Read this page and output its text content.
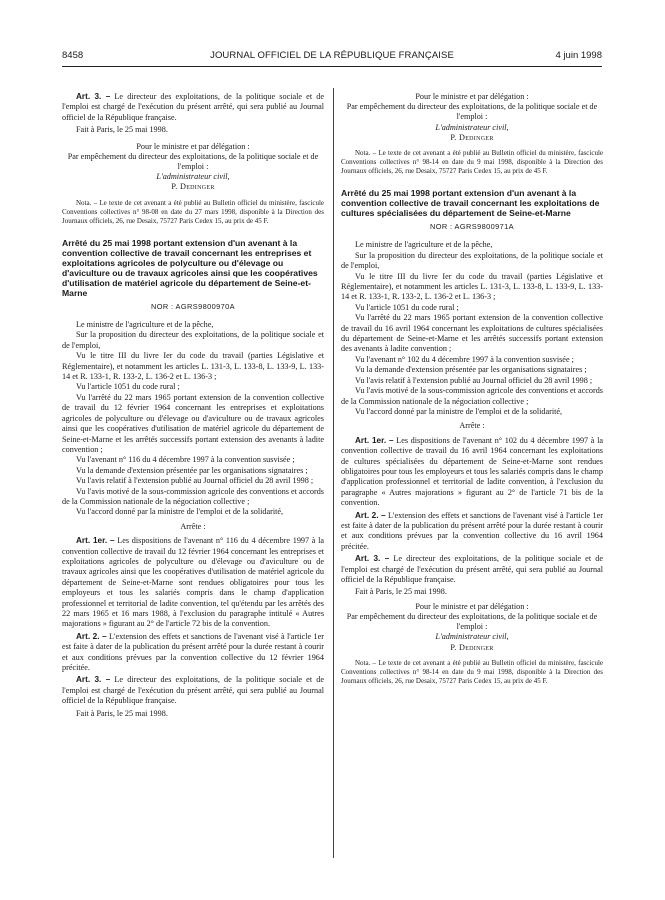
8458	JOURNAL OFFICIEL DE LA RÉPUBLIQUE FRANÇAISE	4 juin 1998

Art. 3. – Le directeur des exploitations, de la politique sociale et de l'emploi est chargé de l'exécution du présent arrêté, qui sera publié au Journal officiel de la République française.

Fait à Paris, le 25 mai 1998.

Pour le ministre et par délégation :
Par empêchement du directeur des exploitations, de la politique sociale et de l'emploi :
L'administrateur civil,
P. Dedinger

Nota. – Le texte de cet avenant a été publié au Bulletin officiel du ministère, fascicule Conventions collectives n° 98-08 en date du 27 mars 1998, disponible à la Direction des Journaux officiels, 26, rue Desaix, 75727 Paris Cedex 15, au prix de 45 F.

Arrêté du 25 mai 1998 portant extension d'un avenant à la convention collective de travail concernant les entreprises et exploitations agricoles de polyculture ou d'élevage ou d'aviculture ou de travaux agricoles ainsi que les coopératives d'utilisation de matériel agricole du département de Seine-et-Marne

NOR : AGRS9800970A

Le ministre de l'agriculture et de la pêche,

Sur la proposition du directeur des exploitations, de la politique sociale et de l'emploi,

Vu le titre III du livre Ier du code du travail (parties Législative et Réglementaire), et notamment les articles L. 131-3, L. 133-8, L. 133-9, L. 133-14 et R. 133-1, R. 133-2, L. 136-2 et L. 136-3 ;

Vu l'article 1051 du code rural ;

Vu l'arrêté du 22 mars 1965 portant extension de la convention collective de travail du 12 février 1964 concernant les entreprises et exploitations agricoles de polyculture ou d'élevage ou d'aviculture ou de travaux agricoles ainsi que les coopératives d'utilisation de matériel agricole du département de Seine-et-Marne et les arrêtés successifs portant extension des avenants à ladite convention ;

Vu l'avenant n° 116 du 4 décembre 1997 à la convention susvisée ;

Vu la demande d'extension présentée par les organisations signataires ;

Vu l'avis relatif à l'extension publié au Journal officiel du 28 avril 1998 ;

Vu l'avis motivé de la sous-commission agricole des conventions et accords de la Commission nationale de la négociation collective ;

Vu l'accord donné par la ministre de l'emploi et de la solidarité,

Arrête :

Art. 1er. – Les dispositions de l'avenant n° 116 du 4 décembre 1997 à la convention collective de travail du 12 février 1964 concernant les entreprises et exploitations agricoles de polyculture ou d'élevage ou d'aviculture ou de travaux agricoles ainsi que les coopératives d'utilisation de matériel agricole du département de Seine-et-Marne sont rendues obligatoires pour tous les employeurs et tous les salariés compris dans le champ d'application professionnel et territorial de ladite convention, tel qu'étendu par les arrêtés des 22 mars 1965 et 16 mars 1988, à l'exclusion du paragraphe intitulé « Autres majorations » figurant au 2° de l'article 72 bis de la convention.

Art. 2. – L'extension des effets et sanctions de l'avenant visé à l'article 1er est faite à dater de la publication du présent arrêté pour la durée restant à courir et aux conditions prévues par la convention collective du 12 février 1964 précitée.

Art. 3. – Le directeur des exploitations, de la politique sociale et de l'emploi est chargé de l'exécution du présent arrêté, qui sera publié au Journal officiel de la République française.

Fait à Paris, le 25 mai 1998.

Pour le ministre et par délégation :
Par empêchement du directeur des exploitations, de la politique sociale et de l'emploi :
L'administrateur civil,
P. Dedinger

Nota. – Le texte de cet avenant a été publié au Bulletin officiel du ministère, fascicule Conventions collectives n° 98-14 en date du 9 mai 1998, disponible à la Direction des Journaux officiels, 26, rue Desaix, 75727 Paris Cedex 15, au prix de 45 F.

Arrêté du 25 mai 1998 portant extension d'un avenant à la convention collective de travail concernant les exploitations de cultures spécialisées du département de Seine-et-Marne

NOR : AGRS9800971A

Le ministre de l'agriculture et de la pêche,

Sur la proposition du directeur des exploitations, de la politique sociale et de l'emploi,

Vu le titre III du livre Ier du code du travail (parties Législative et Réglementaire), et notamment les articles L. 131-3, L. 133-8, L. 133-9, L. 133-14 et R. 133-1, R. 133-2, L. 136-2 et L. 136-3 ;

Vu l'article 1051 du code rural ;

Vu l'arrêté du 22 mars 1965 portant extension de la convention collective de travail du 16 avril 1964 concernant les exploitations de cultures spécialisées du département de Seine-et-Marne et les arrêtés successifs portant extension des avenants à ladite convention ;

Vu l'avenant n° 102 du 4 décembre 1997 à la convention susvisée ;

Vu la demande d'extension présentée par les organisations signataires ;

Vu l'avis relatif à l'extension publié au Journal officiel du 28 avril 1998 ;

Vu l'avis motivé de la sous-commission agricole des conventions et accords de la Commission nationale de la négociation collective ;

Vu l'accord donné par la ministre de l'emploi et de la solidarité,

Arrête :

Art. 1er. – Les dispositions de l'avenant n° 102 du 4 décembre 1997 à la convention collective de travail du 16 avril 1964 concernant les exploitations de cultures spécialisées du département de Seine-et-Marne sont rendues obligatoires pour tous les employeurs et tous les salariés compris dans le champ d'application professionnel et territorial de ladite convention, à l'exclusion du paragraphe « Autres majorations » figurant au 2° de l'article 71 bis de la convention.

Art. 2. – L'extension des effets et sanctions de l'avenant visé à l'article 1er est faite à dater de la publication du présent arrêté pour la durée restant à courir et aux conditions prévues par la convention collective du 16 avril 1964 précitée.

Art. 3. – Le directeur des exploitations, de la politique sociale et de l'emploi est chargé de l'exécution du présent arrêté, qui sera publié au Journal officiel de la République française.

Fait à Paris, le 25 mai 1998.

Pour le ministre et par délégation :
Par empêchement du directeur des exploitations, de la politique sociale et de l'emploi :
L'administrateur civil,
P. Dedinger

Nota. – Le texte de cet avenant a été publié au Bulletin officiel du ministère, fascicule Conventions collectives n° 98-14 en date du 9 mai 1998, disponible à la Direction des Journaux officiels, 26, rue Desaix, 75727 Paris Cedex 15, au prix de 45 F.
